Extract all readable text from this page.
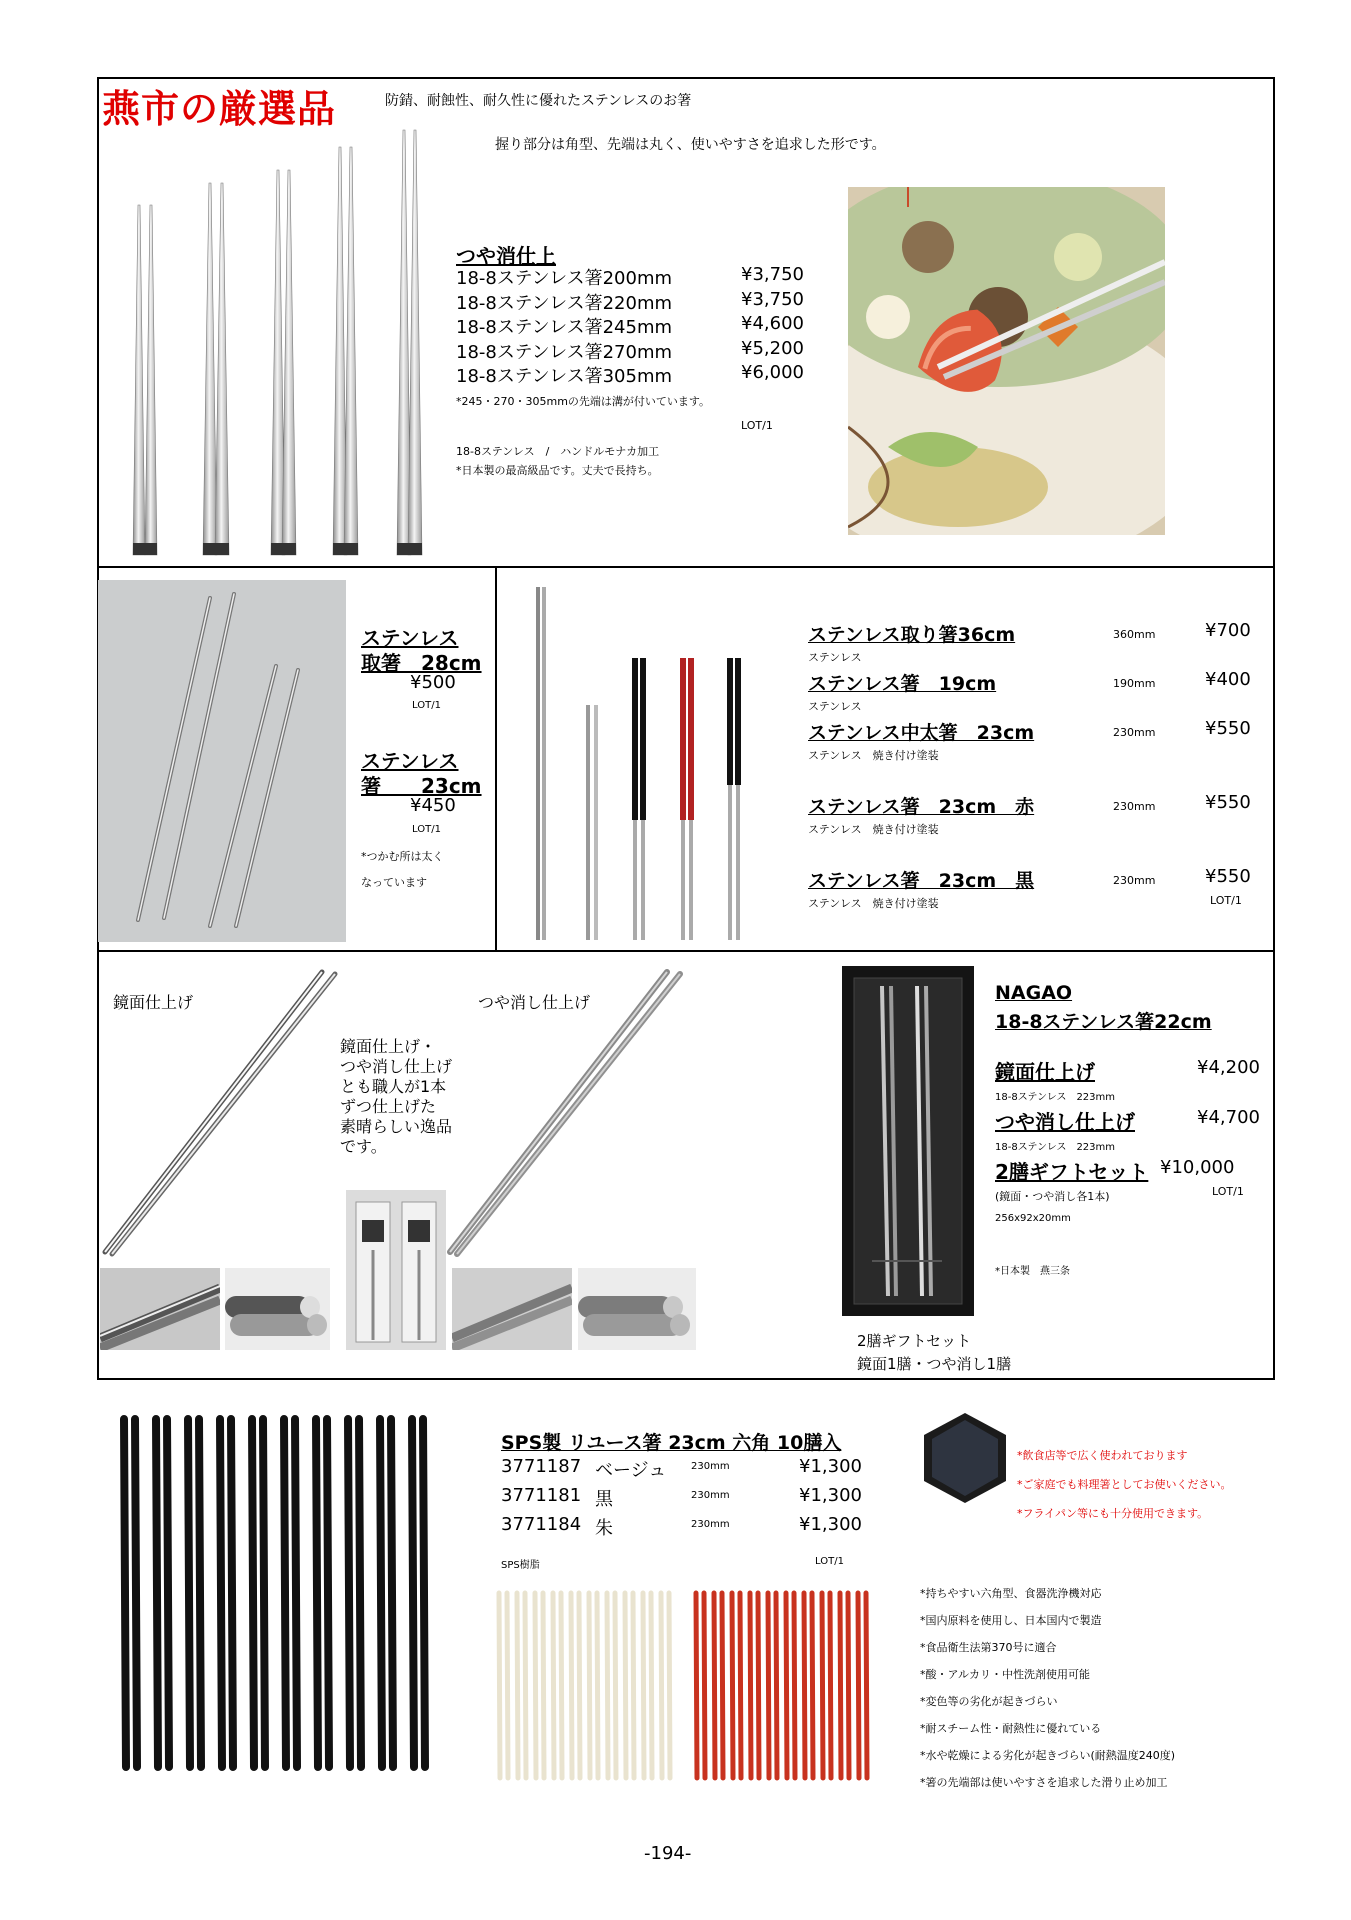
燕市の厳選品	防錆、耐蝕性、耐久性に優れたステンレスのお箸
握り部分は角型、先端は丸く、使いやすさを追求した形です。
つや消仕上
18-8ステンレス箸200mm	¥3,750
18-8ステンレス箸220mm	¥3,750
18-8ステンレス箸245mm	¥4,600
18-8ステンレス箸270mm	¥5,200
18-8ステンレス箸305mm	¥6,000
*245・270・305mmの先端は溝が付いています。
LOT/1
18-8ステンレス　/　ハンドルモナカ加工
*日本製の最高級品です。丈夫で長持ち。
ステンレス
取箸　28cm
¥500
LOT/1
ステンレス
箸　　23cm
¥450
LOT/1
*つかむ所は太く
なっています
ステンレス取り箸36cm	360mm	¥700
ステンレス
ステンレス箸　19cm	190mm	¥400
ステンレス
ステンレス中太箸　23cm	230mm	¥550
ステンレス　焼き付け塗装
ステンレス箸　23cm　赤	230mm	¥550
ステンレス　焼き付け塗装
ステンレス箸　23cm　黒	230mm	¥550
ステンレス　焼き付け塗装	LOT/1
鏡面仕上げ	つや消し仕上げ
鏡面仕上げ・
つや消し仕上げ
とも職人が1本
ずつ仕上げた
素晴らしい逸品
です。
2膳ギフトセット
鏡面1膳・つや消し1膳
NAGAO
18-8ステンレス箸22cm
鏡面仕上げ	¥4,200
18-8ステンレス　223mm
つや消し仕上げ	¥4,700
18-8ステンレス　223mm
2膳ギフトセット ¥10,000
(鏡面・つや消し各1本)	LOT/1
256x92x20mm
*日本製　燕三条
SPS製 リユース箸 23cm 六角 10膳入
3771187 ベージュ 230mm	¥1,300
3771181 黒	230mm	¥1,300
3771184 朱	230mm	¥1,300
SPS樹脂	LOT/1
*飲食店等で広く使われております
*ご家庭でも料理箸としてお使いください。
*フライパン等にも十分使用できます。
*持ちやすい六角型、食器洗浄機対応
*国内原料を使用し、日本国内で製造
*食品衛生法第370号に適合
*酸・アルカリ・中性洗剤使用可能
*変色等の劣化が起きづらい
*耐スチーム性・耐熱性に優れている
*水や乾燥による劣化が起きづらい(耐熱温度240度)
*箸の先端部は使いやすさを追求した滑り止め加工
-194-
